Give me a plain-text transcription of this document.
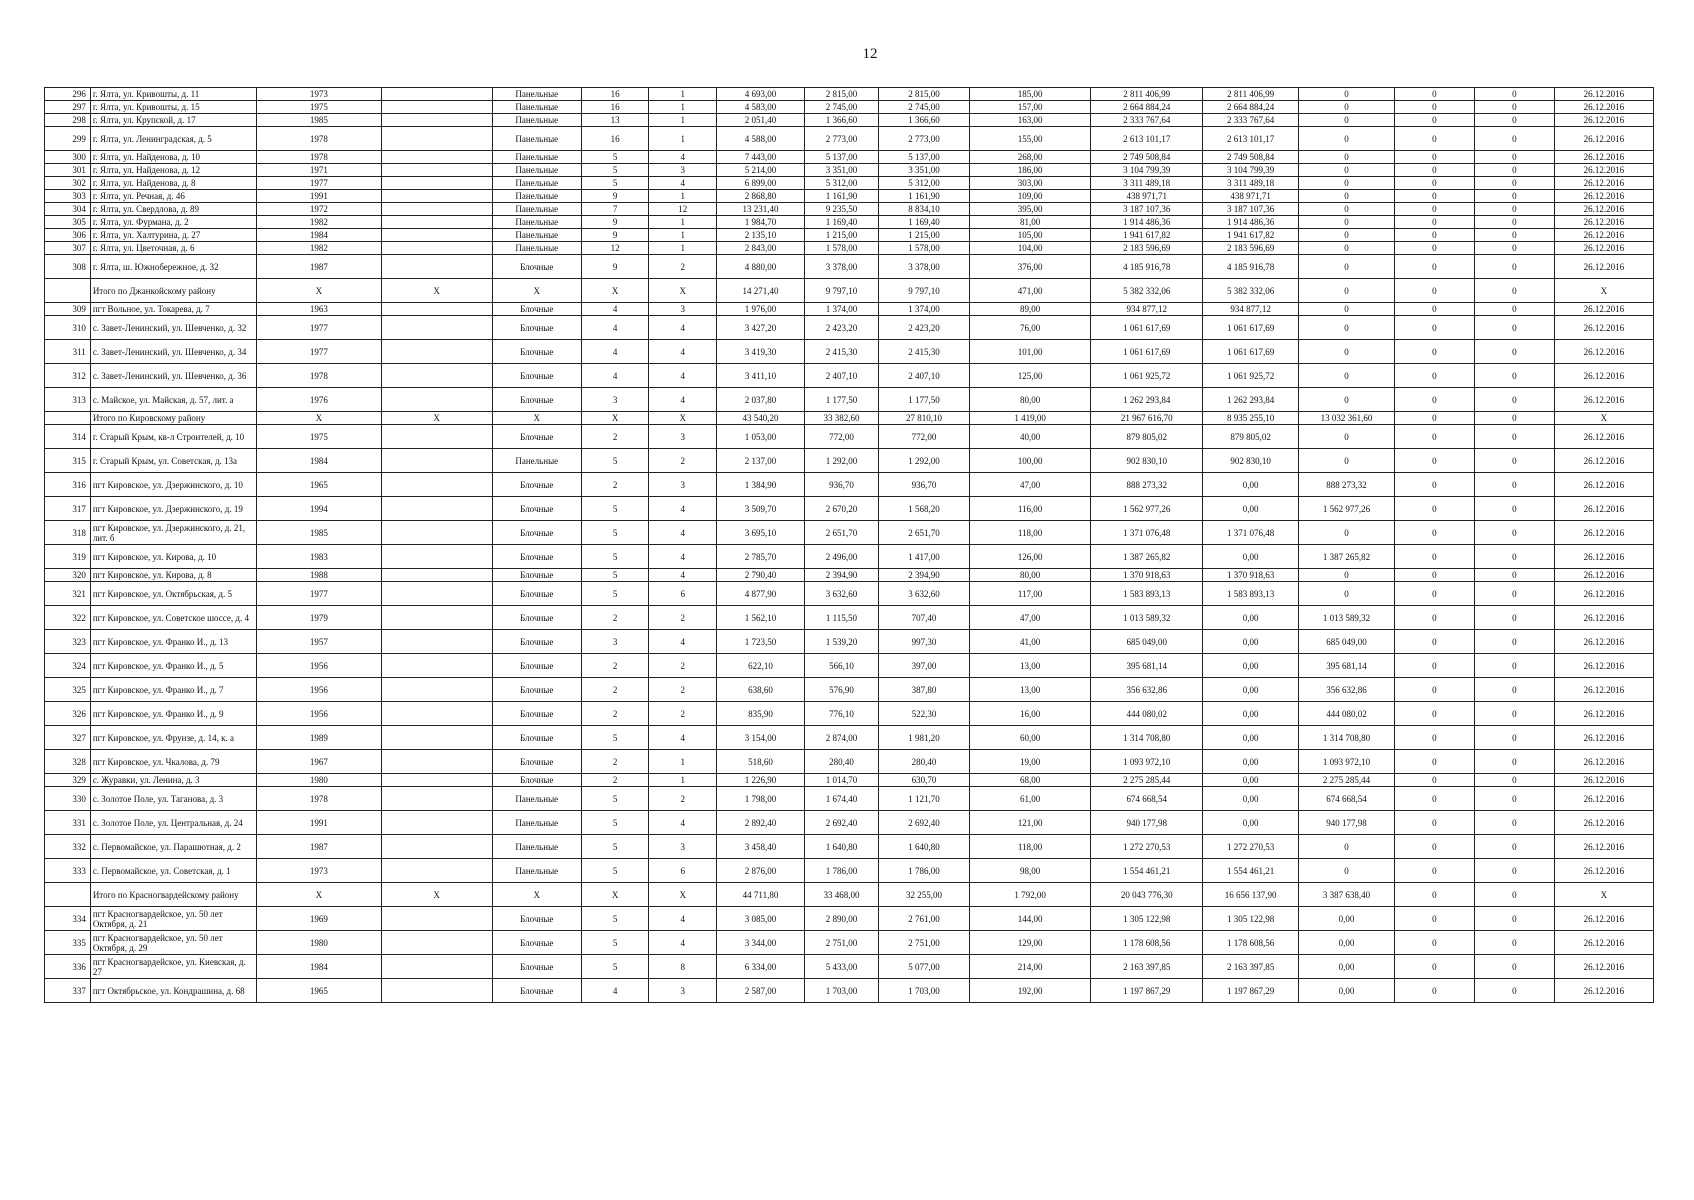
12
296	г. Ялта, ул. Кривошты, д. 11	1973		Панельные	16	1	4 693,00	2 815,00	2 815,00	185,00	2 811 406,99	2 811 406,99	0	0	0	26.12.2016
297	г. Ялта, ул. Кривошты, д. 15	1975		Панельные	16	1	4 583,00	2 745,00	2 745,00	157,00	2 664 884,24	2 664 884,24	0	0	0	26.12.2016
298	г. Ялта, ул. Крупской, д. 17	1985		Панельные	13	1	2 051,40	1 366,60	1 366,60	163,00	2 333 767,64	2 333 767,64	0	0	0	26.12.2016
299	г. Ялта, ул. Ленинградская, д. 5	1978		Панельные	16	1	4 588,00	2 773,00	2 773,00	155,00	2 613 101,17	2 613 101,17	0	0	0	26.12.2016
300	г. Ялта, ул. Найденова, д. 10	1978		Панельные	5	4	7 443,00	5 137,00	5 137,00	268,00	2 749 508,84	2 749 508,84	0	0	0	26.12.2016
301	г. Ялта, ул. Найденова, д. 12	1971		Панельные	5	3	5 214,00	3 351,00	3 351,00	186,00	3 104 799,39	3 104 799,39	0	0	0	26.12.2016
302	г. Ялта, ул. Найденова, д. 8	1977		Панельные	5	4	6 899,00	5 312,00	5 312,00	303,00	3 311 489,18	3 311 489,18	0	0	0	26.12.2016
303	г. Ялта, ул. Речная, д. 46	1991		Панельные	9	1	2 868,80	1 161,90	1 161,90	109,00	438 971,71	438 971,71	0	0	0	26.12.2016
304	г. Ялта, ул. Свердлова, д. 89	1972		Панельные	7	12	13 231,40	9 235,50	8 834,10	395,00	3 187 107,36	3 187 107,36	0	0	0	26.12.2016
305	г. Ялта, ул. Фурмана, д. 2	1982		Панельные	9	1	1 984,70	1 169,40	1 169,40	81,00	1 914 486,36	1 914 486,36	0	0	0	26.12.2016
306	г. Ялта, ул. Халтурина, д. 27	1984		Панельные	9	1	2 135,10	1 215,00	1 215,00	105,00	1 941 617,82	1 941 617,82	0	0	0	26.12.2016
307	г. Ялта, ул. Цветочная, д. 6	1982		Панельные	12	1	2 843,00	1 578,00	1 578,00	104,00	2 183 596,69	2 183 596,69	0	0	0	26.12.2016
308	г. Ялта, ш. Южнобережное, д. 32	1987		Блочные	9	2	4 880,00	3 378,00	3 378,00	376,00	4 185 916,78	4 185 916,78	0	0	0	26.12.2016
	Итого по Джанкойскому району	X	X	X	X	X	14 271,40	9 797,10	9 797,10	471,00	5 382 332,06	5 382 332,06	0	0	0	X
309	пгт Вольное, ул. Токарева, д. 7	1963		Блочные	4	3	1 976,00	1 374,00	1 374,00	89,00	934 877,12	934 877,12	0	0	0	26.12.2016
310	с. Завет-Ленинский, ул. Шевченко, д. 32	1977		Блочные	4	4	3 427,20	2 423,20	2 423,20	76,00	1 061 617,69	1 061 617,69	0	0	0	26.12.2016
311	с. Завет-Ленинский, ул. Шевченко, д. 34	1977		Блочные	4	4	3 419,30	2 415,30	2 415,30	101,00	1 061 617,69	1 061 617,69	0	0	0	26.12.2016
312	с. Завет-Ленинский, ул. Шевченко, д. 36	1978		Блочные	4	4	3 411,10	2 407,10	2 407,10	125,00	1 061 925,72	1 061 925,72	0	0	0	26.12.2016
313	с. Майское, ул. Майская, д. 57, лит. а	1976		Блочные	3	4	2 037,80	1 177,50	1 177,50	80,00	1 262 293,84	1 262 293,84	0	0	0	26.12.2016
	Итого по Кировскому району	X	X	X	X	X	43 540,20	33 382,60	27 810,10	1 419,00	21 967 616,70	8 935 255,10	13 032 361,60	0	0	X
314	г. Старый Крым, кв-л Строителей, д. 10	1975		Блочные	2	3	1 053,00	772,00	772,00	40,00	879 805,02	879 805,02	0	0	0	26.12.2016
315	г. Старый Крым, ул. Советская, д. 13а	1984		Панельные	5	2	2 137,00	1 292,00	1 292,00	100,00	902 830,10	902 830,10	0	0	0	26.12.2016
316	пгт Кировское, ул. Дзержинского, д. 10	1965		Блочные	2	3	1 384,90	936,70	936,70	47,00	888 273,32	0,00	888 273,32	0	0	26.12.2016
317	пгт Кировское, ул. Дзержинского, д. 19	1994		Блочные	5	4	3 509,70	2 670,20	1 568,20	116,00	1 562 977,26	0,00	1 562 977,26	0	0	26.12.2016
318	пгт Кировское, ул. Дзержинского, д. 21, лит. б	1985		Блочные	5	4	3 695,10	2 651,70	2 651,70	118,00	1 371 076,48	1 371 076,48	0	0	0	26.12.2016
319	пгт Кировское, ул. Кирова, д. 10	1983		Блочные	5	4	2 785,70	2 496,00	1 417,00	126,00	1 387 265,82	0,00	1 387 265,82	0	0	26.12.2016
320	пгт Кировское, ул. Кирова, д. 8	1988		Блочные	5	4	2 790,40	2 394,90	2 394,90	80,00	1 370 918,63	1 370 918,63	0	0	0	26.12.2016
321	пгт Кировское, ул. Октябрьская, д. 5	1977		Блочные	5	6	4 877,90	3 632,60	3 632,60	117,00	1 583 893,13	1 583 893,13	0	0	0	26.12.2016
322	пгт Кировское, ул. Советское шоссе, д. 4	1979		Блочные	2	2	1 562,10	1 115,50	707,40	47,00	1 013 589,32	0,00	1 013 589,32	0	0	26.12.2016
323	пгт Кировское, ул. Франко И., д. 13	1957		Блочные	3	4	1 723,50	1 539,20	997,30	41,00	685 049,00	0,00	685 049,00	0	0	26.12.2016
324	пгт Кировское, ул. Франко И., д. 5	1956		Блочные	2	2	622,10	566,10	397,00	13,00	395 681,14	0,00	395 681,14	0	0	26.12.2016
325	пгт Кировское, ул. Франко И., д. 7	1956		Блочные	2	2	638,60	576,90	387,80	13,00	356 632,86	0,00	356 632,86	0	0	26.12.2016
326	пгт Кировское, ул. Франко И., д. 9	1956		Блочные	2	2	835,90	776,10	522,30	16,00	444 080,02	0,00	444 080,02	0	0	26.12.2016
327	пгт Кировское, ул. Фрунзе, д. 14, к. а	1989		Блочные	5	4	3 154,00	2 874,00	1 981,20	60,00	1 314 708,80	0,00	1 314 708,80	0	0	26.12.2016
328	пгт Кировское, ул. Чкалова, д. 79	1967		Блочные	2	1	518,60	280,40	280,40	19,00	1 093 972,10	0,00	1 093 972,10	0	0	26.12.2016
329	с. Журавки, ул. Ленина, д. 3	1980		Блочные	2	1	1 226,90	1 014,70	630,70	68,00	2 275 285,44	0,00	2 275 285,44	0	0	26.12.2016
330	с. Золотое Поле, ул. Таганова, д. 3	1978		Панельные	5	2	1 798,00	1 674,40	1 121,70	61,00	674 668,54	0,00	674 668,54	0	0	26.12.2016
331	с. Золотое Поле, ул. Центральная, д. 24	1991		Панельные	5	4	2 892,40	2 692,40	2 692,40	121,00	940 177,98	0,00	940 177,98	0	0	26.12.2016
332	с. Первомайское, ул. Парашютная, д. 2	1987		Панельные	5	3	3 458,40	1 640,80	1 640,80	118,00	1 272 270,53	1 272 270,53	0	0	0	26.12.2016
333	с. Первомайское, ул. Советская, д. 1	1973		Панельные	5	6	2 876,00	1 786,00	1 786,00	98,00	1 554 461,21	1 554 461,21	0	0	0	26.12.2016
	Итого по Красногвардейскому району	X	X	X	X	X	44 711,80	33 468,00	32 255,00	1 792,00	20 043 776,30	16 656 137,90	3 387 638,40	0	0	X
334	пгт Красногвардейское, ул. 50 лет Октября, д. 21	1969		Блочные	5	4	3 085,00	2 890,00	2 761,00	144,00	1 305 122,98	1 305 122,98	0,00	0	0	26.12.2016
335	пгт Красногвардейское, ул. 50 лет Октября, д. 29	1980		Блочные	5	4	3 344,00	2 751,00	2 751,00	129,00	1 178 608,56	1 178 608,56	0,00	0	0	26.12.2016
336	пгт Красногвардейское, ул. Киевская, д. 27	1984		Блочные	5	8	6 334,00	5 433,00	5 077,00	214,00	2 163 397,85	2 163 397,85	0,00	0	0	26.12.2016
337	пгт Октябрьское, ул. Кондрашина, д. 68	1965		Блочные	4	3	2 587,00	1 703,00	1 703,00	192,00	1 197 867,29	1 197 867,29	0,00	0	0	26.12.2016
